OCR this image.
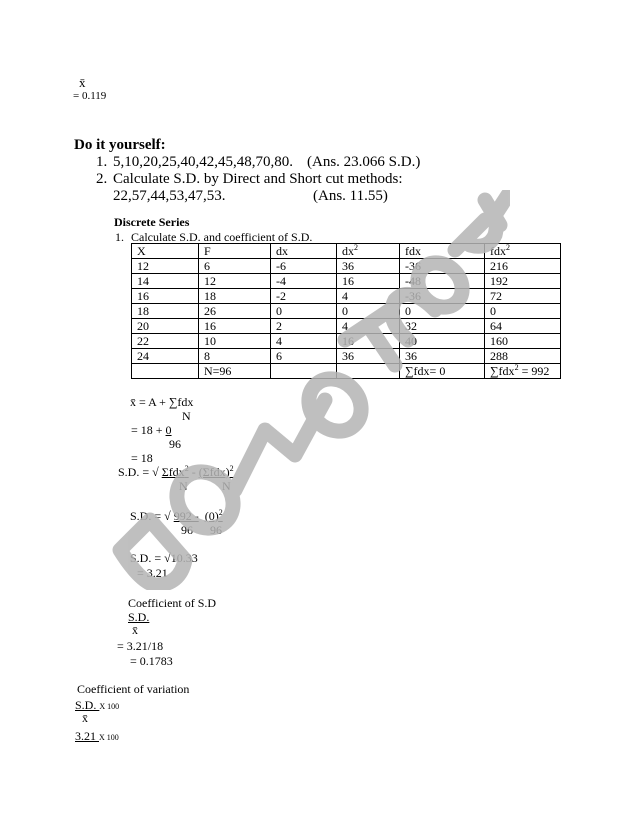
x̄
= 0.119
Do it yourself:
1. 5,10,20,25,40,42,45,48,70,80. (Ans. 23.066 S.D.)
2. Calculate S.D. by Direct and Short cut methods:
22,57,44,53,47,53.	(Ans. 11.55)
Discrete Series
1. Calculate S.D. and coefficient of S.D.
X	F	dx	$dx^2$	fdx	fdx$^2$
12	6	-6	36	-36	216
14	12	-4	16	-48	192
16	18	-2	4	-36	72
18	26	0	0	0	0
20	16	2	4	32	64
22	10	4	16	40	160
24	8	6	36	36	288
	N=96			∑fdx= 0	∑fdx$^2$ = 992
x̄ = A + ∑fdx
N
= 18 + 0
96
= 18
S.D. = √ $\Sigma fdx^2 - (\Sigma fdx)^2$
N	N
S.D. = √ $992 - (0)^2$
96 96
S.D. = √10.33
= 3.21
Coefficient of S.D
S.D.
x̄
= 3.21/18
= 0.1783
Coefficient of variation
S.D. X 100
x̄
3.21 X 100
